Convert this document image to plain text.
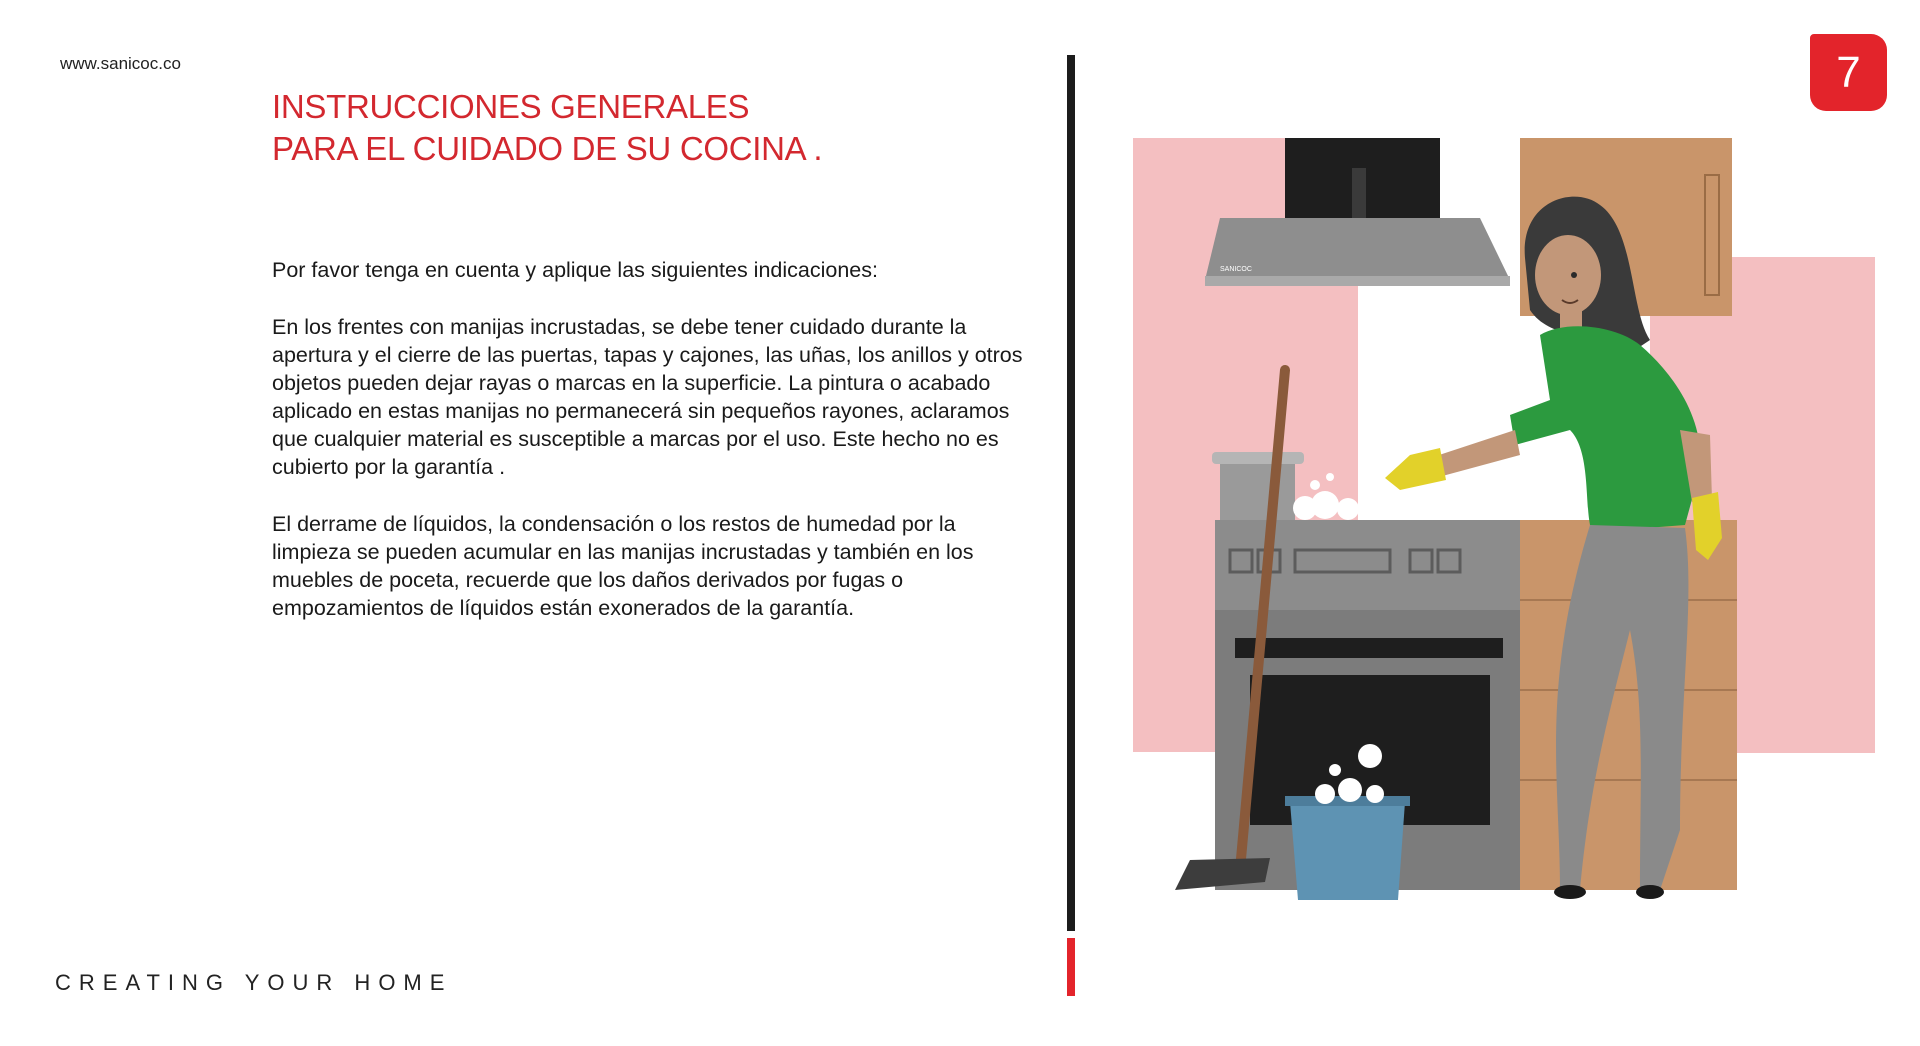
www.sanicoc.co	7
INSTRUCCIONES GENERALES
PARA EL CUIDADO DE SU COCINA .

Por favor tenga en cuenta y aplique las siguientes indicaciones:

En los frentes con manijas incrustadas, se debe tener cuidado durante la apertura y el cierre de las puertas, tapas y cajones, las uñas, los anillos y otros objetos pueden dejar rayas o marcas en la superficie. La pintura o acabado aplicado en estas manijas no permanecerá sin pequeños rayones, aclaramos que cualquier material es susceptible a marcas por el uso. Este hecho no es cubierto por la garantía .

El derrame de líquidos, la condensación o los restos de humedad por la limpieza se pueden acumular en las manijas incrustadas y también en los muebles de poceta, recuerde que los daños derivados por fugas o empozamientos de líquidos están exonerados de la garantía.

CREATING YOUR HOME
SANICOC
